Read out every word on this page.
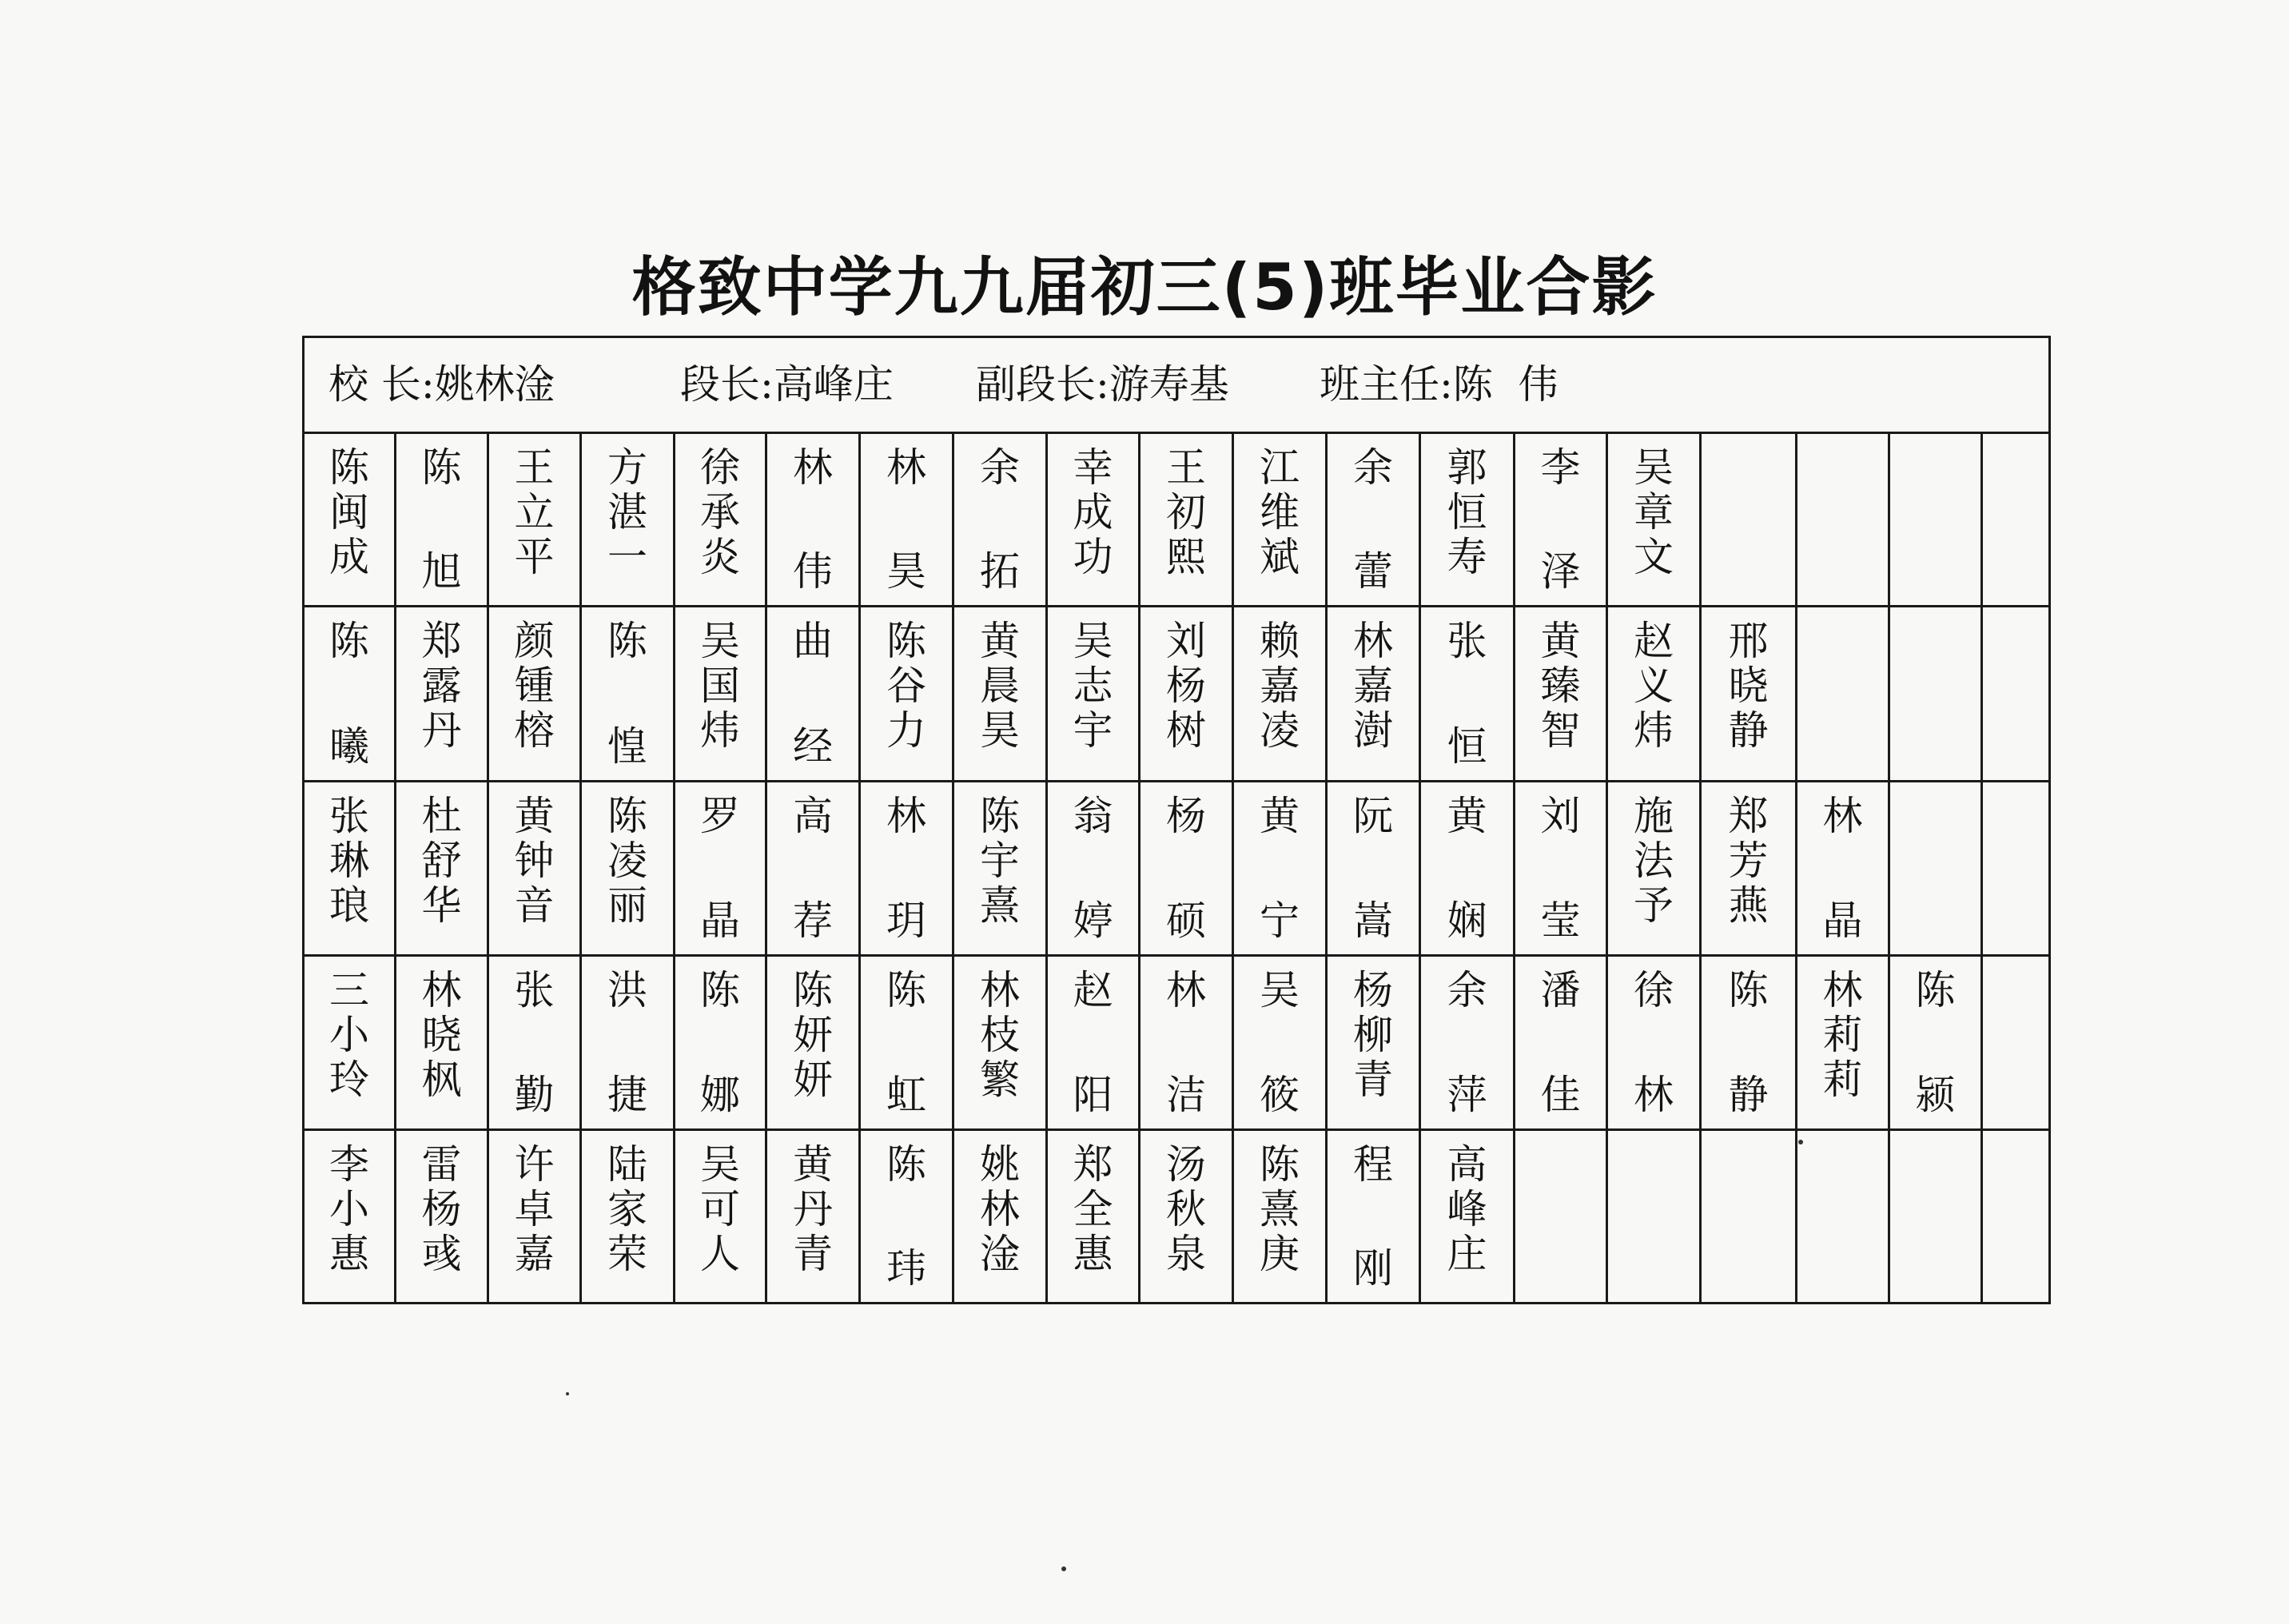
格致中学九九届初三(5)班毕业合影
校 长:姚林淦	段长:高峰庄 副段长:游寿基 班主任:陈  伟
陈
闽
成
陈
旭
王
立
平
方
湛
一
徐
承
炎
林
伟
林
昊
余
拓
幸
成
功
王
初
熙
江
维
斌
余
蕾
郭
恒
寿
李
泽
吴
章
文
陈
曦
郑
露
丹
颜
锺
榕
陈
惶
吴
国
炜
曲
经
陈
谷
力
黄
晨
昊
吴
志
宇
刘
杨
树
赖
嘉
凌
林
嘉
澍
张
恒
黄
臻
智
赵
义
炜
邢
晓
静
张
琳
琅
杜
舒
华
黄
钟
音
陈
凌
丽
罗
晶
高
荐
林
玥
陈
宇
熹
翁
婷
杨
硕
黄
宁
阮
嵩
黄
娴
刘
莹
施
法
予
郑
芳
燕
林
晶
三
小
玲
林
晓
枫
张
勤
洪
捷
陈
娜
陈
妍
妍
陈
虹
林
枝
繁
赵
阳
林
洁
吴
筱
杨
柳
青
余
萍
潘
佳
徐
林
陈
静
林
莉
莉
陈
颍
李
小
惠
雷
杨
彧
许
卓
嘉
陆
家
荣
吴
可
人
黄
丹
青
陈
玮
姚
林
淦
郑
全
惠
汤
秋
泉
陈
熹
庚
程
刚
高
峰
庄
